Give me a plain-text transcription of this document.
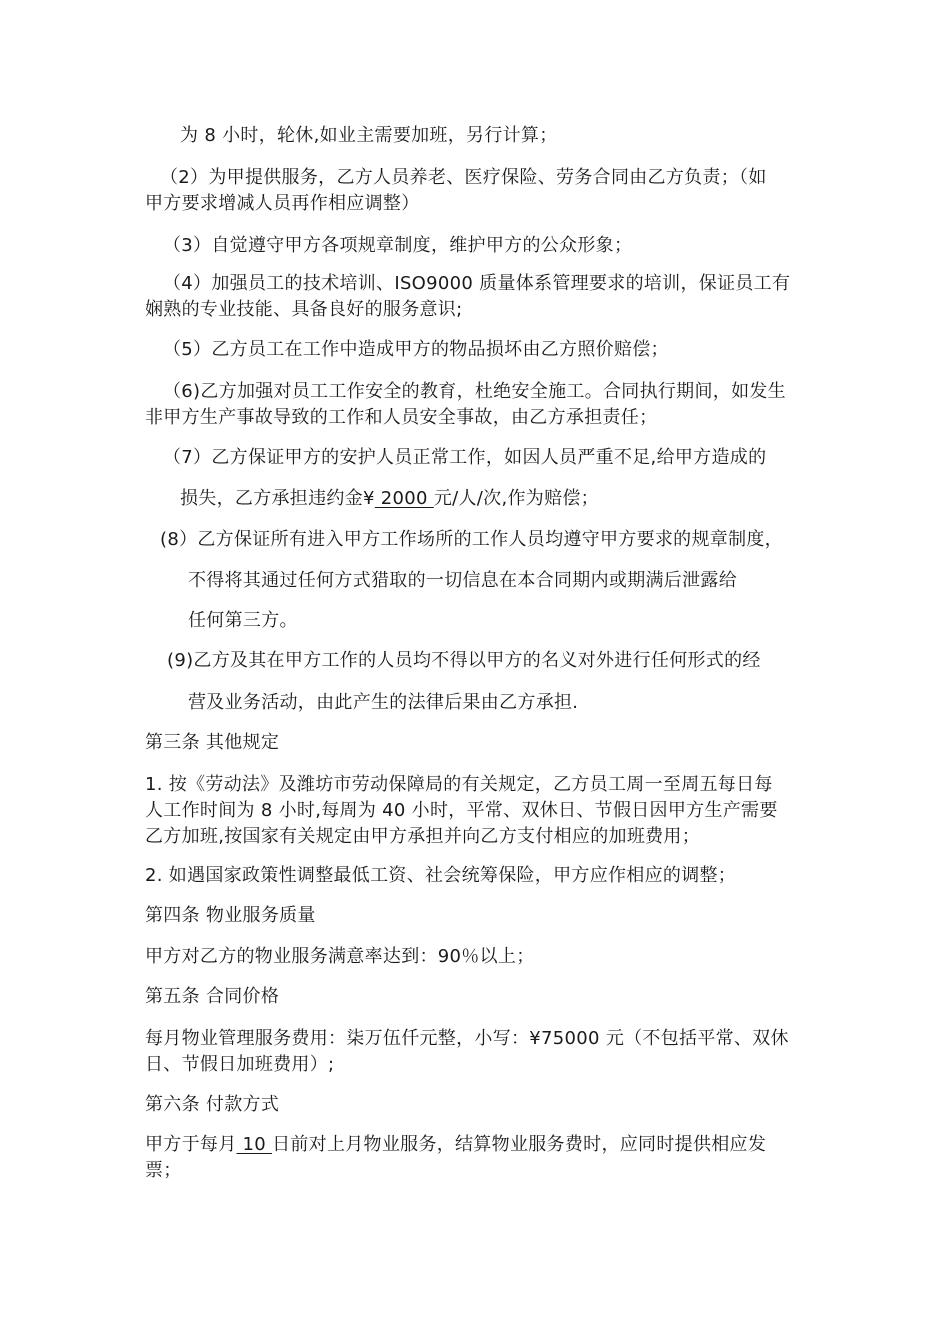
为 8 小时，轮休,如业主需要加班，另行计算；
（2）为甲提供服务，乙方人员养老、医疗保险、劳务合同由乙方负责；（如
甲方要求增减人员再作相应调整）
（3）自觉遵守甲方各项规章制度，维护甲方的公众形象；
（4）加强员工的技术培训、ISO9000 质量体系管理要求的培训，保证员工有
娴熟的专业技能、具备良好的服务意识;
（5）乙方员工在工作中造成甲方的物品损坏由乙方照价赔偿；
（6)乙方加强对员工工作安全的教育，杜绝安全施工。合同执行期间，如发生
非甲方生产事故导致的工作和人员安全事故，由乙方承担责任；
（7）乙方保证甲方的安护人员正常工作，如因人员严重不足,给甲方造成的
损失，乙方承担违约金¥ 2000 元/人/次,作为赔偿；
(8）乙方保证所有进入甲方工作场所的工作人员均遵守甲方要求的规章制度，
不得将其通过任何方式猎取的一切信息在本合同期内或期满后泄露给
任何第三方。
(9)乙方及其在甲方工作的人员均不得以甲方的名义对外进行任何形式的经
营及业务活动，由此产生的法律后果由乙方承担.
第三条 其他规定
1. 按《劳动法》及潍坊市劳动保障局的有关规定，乙方员工周一至周五每日每
人工作时间为 8 小时,每周为 40 小时，平常、双休日、节假日因甲方生产需要
乙方加班,按国家有关规定由甲方承担并向乙方支付相应的加班费用；
2. 如遇国家政策性调整最低工资、社会统筹保险，甲方应作相应的调整；
第四条 物业服务质量
甲方对乙方的物业服务满意率达到：90％以上；
第五条 合同价格
每月物业管理服务费用：柒万伍仟元整，小写：¥75000 元（不包括平常、双休
日、节假日加班费用）;
第六条 付款方式
甲方于每月 10 日前对上月物业服务，结算物业服务费时，应同时提供相应发
票；
